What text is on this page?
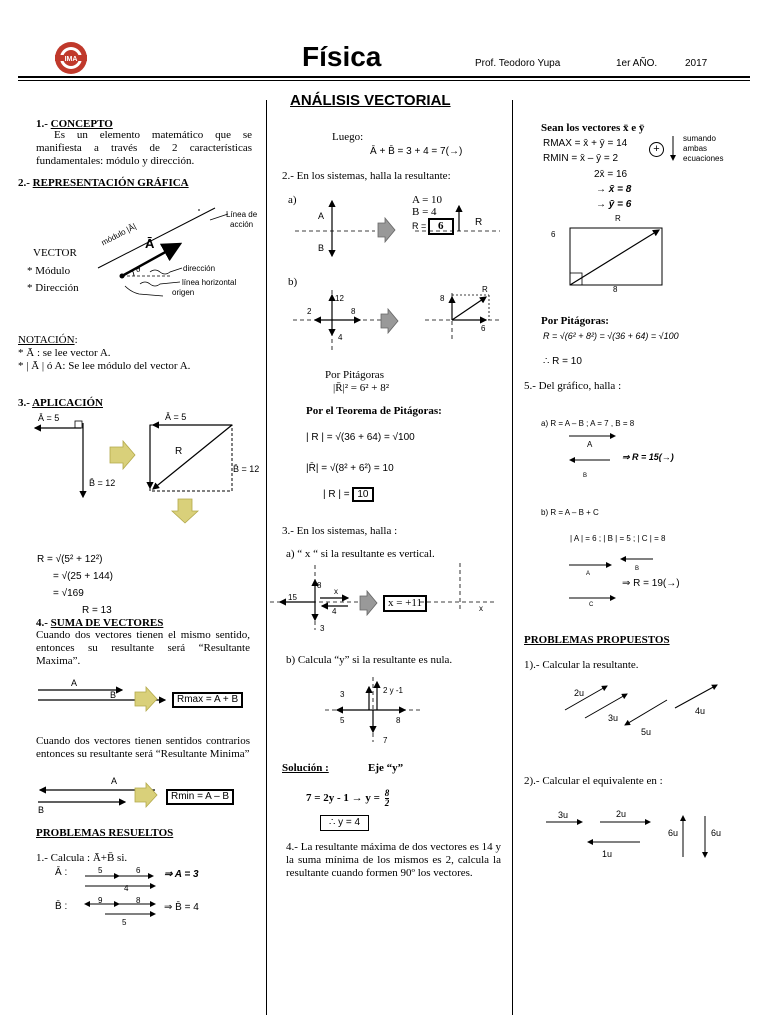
IMA	Física	Prof. Teodoro Yupa	1er AÑO.	2017
ANÁLISIS VECTORIAL
1.- CONCEPTO
Es un elemento matemático que se manifiesta a través de 2 características fundamentales: módulo y dirección.
2.- REPRESENTACIÓN GRÁFICA
Línea de
acción
módulo |Ā| Ā
VECTOR
θ	dirección
* Módulo
línea horizontal
origen
* Dirección
NOTACIÓN:
* Ā : se lee vector A.
* | Ā | ó A: Se lee módulo del vector A.
3.- APLICACIÓN
Ā = 5
B̄ = 12
Ā = 5
R
B̄ = 12
R = √(5² + 12²)
= √(25 + 144)
= √169
R = 13
4.- SUMA DE VECTORES
Cuando dos vectores tienen el mismo sentido, entonces su resultante será “Resultante Maxima”.
A
B	Rmax = A + B
Cuando dos vectores tienen sentidos contrarios entonces su resultante será “Resultante Minima”
A
B
Rmin = A – B
PROBLEMAS RESUELTOS
1.- Calcula : Ā+B̄ si.
Ā :	5	6
4
⇒ A = 3
B̄ :
9	8
5
⇒ B̄ = 4
Luego:
Ā + B̄ = 3 + 4 = 7(→)
2.- En los sistemas, halla la resultante:
a)
A
B
A = 10
B = 4
R =	6	R
b)
12
2	8
4
8
R
6
Por Pitágoras
|R̄|² = 6² + 8²
Por el Teorema de Pitágoras:
| R | = √(36 + 64) = √100
|R̄| = √(8² + 6²) = 10
| R | = 10
3.- En los sistemas, halla :
a) “ x “ si la resultante es vertical.
15
8
x
4
3
x = +11	x
b) Calcula “y” si la resultante es nula.
3	2 y -1
5	8
7
Solución :	Eje “y”
$7 = 2y - 1 \to y = \frac{8}{2}$
∴ y = 4
4.- La resultante máxima de dos vectores es 14 y la suma mínima de los mismos es 2, calcula la resultante cuando formen 90º los vectores.
Sean los vectores x̄ e ȳ
RMAX = x̄ + ȳ = 14
RMIN = x̄ – ȳ = 2
+
sumando
ambas
ecuaciones
2x̄ = 16
→ x̄ = 8
→ ȳ = 6
R
6
8
Por Pitágoras:
R = √(6² + 8²) = √(36 + 64) = √100
∴ R = 10
5.- Del gráfico, halla :
a) R = A – B ; A = 7 , B = 8
A
B
⇒ R = 15(→)
b) R = A – B + C
| A | = 6 ; | B | = 5 ; | C | = 8
B
A
⇒ R = 19(→)
C
PROBLEMAS PROPUESTOS
1).- Calcular la resultante.
2u
3u
4u
5u
2).- Calcular el equivalente en :
3u	2u
6u	6u
1u
